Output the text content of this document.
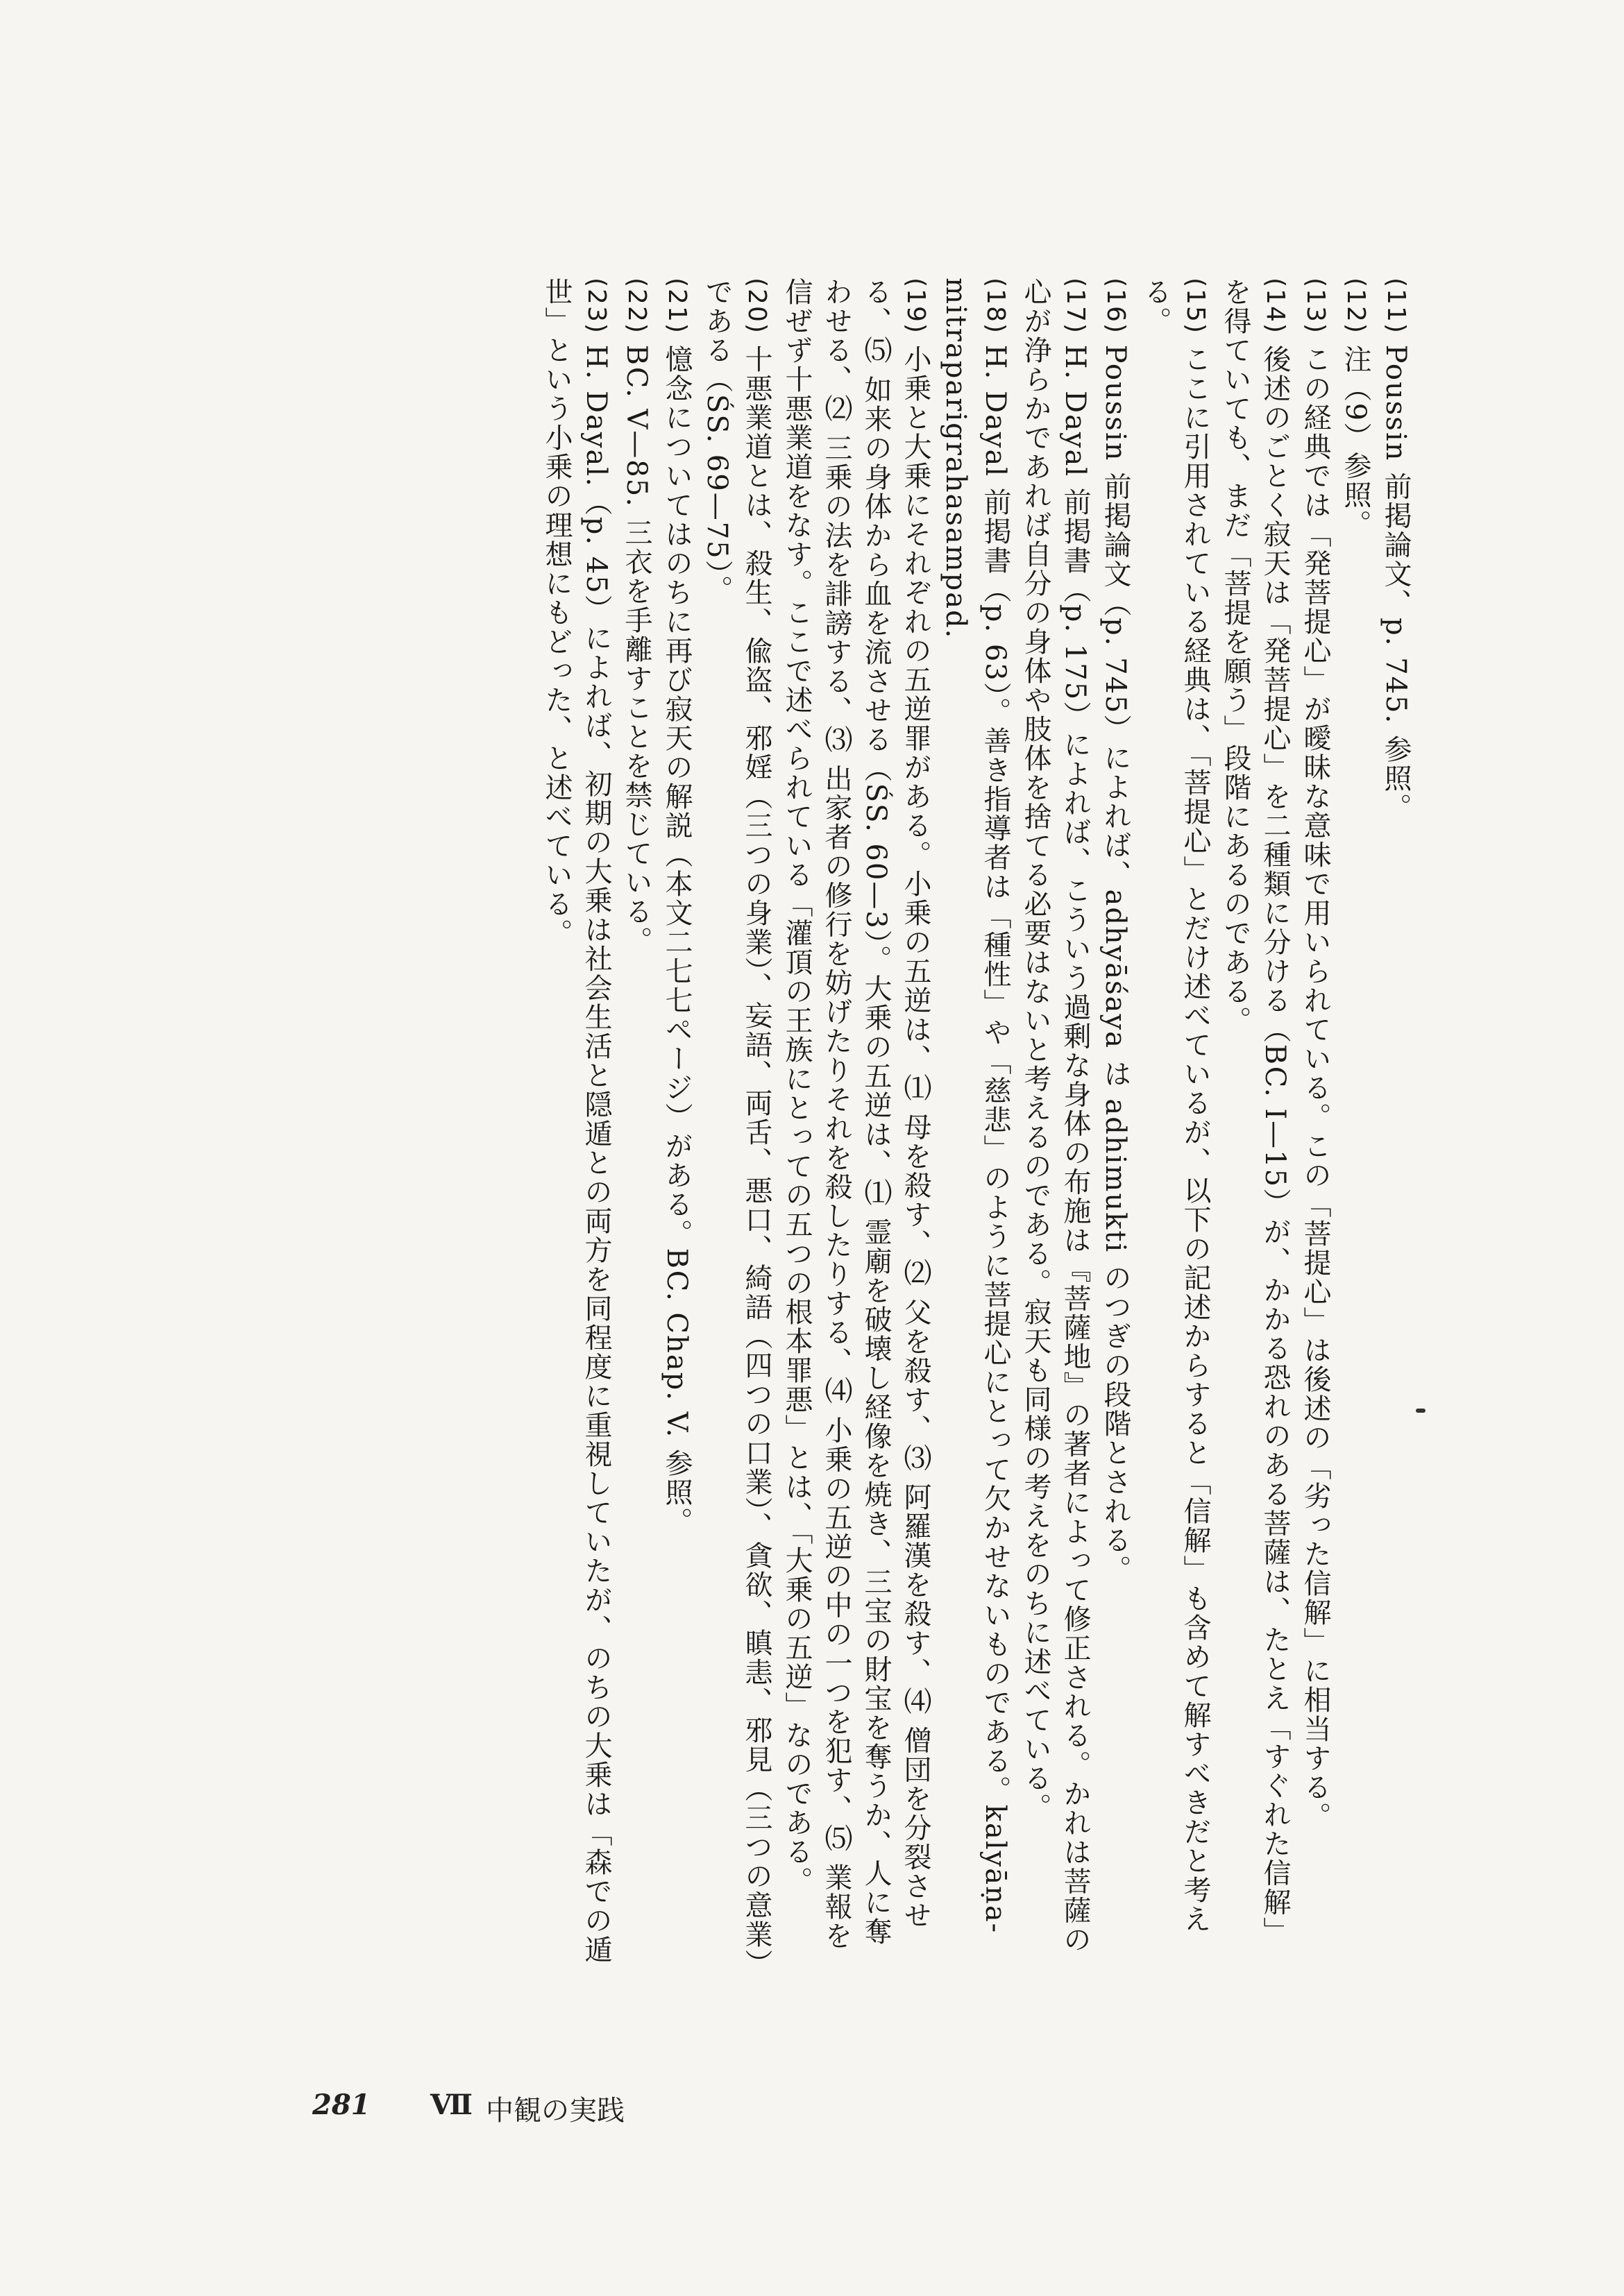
(11) Poussin 前掲論文、p. 745. 参照。

(12) 注（9）参照。

(13) この経典では「発菩提心」が曖昧な意味で用いられている。この「菩提心」は後述の「劣った信解」に相当する。

(14) 後述のごとく寂天は「発菩提心」を二種類に分ける（BC. I—15）が、かかる恐れのある菩薩は、たとえ「すぐれた信解」を得ていても、まだ「菩提を願う」段階にあるのである。

(15) ここに引用されている経典は、「菩提心」とだけ述べているが、以下の記述からすると「信解」も含めて解すべきだと考える。

(16) Poussin 前掲論文（p. 745）によれば、adhyāśaya は adhimukti のつぎの段階とされる。

(17) H. Dayal 前掲書（p. 175）によれば、こういう過剰な身体の布施は『菩薩地』の著者によって修正される。かれは菩薩の心が浄らかであれば自分の身体や肢体を捨てる必要はないと考えるのである。寂天も同様の考えをのちに述べている。

(18) H. Dayal 前掲書（p. 63）。善き指導者は「種性」や「慈悲」のように菩提心にとって欠かせないものである。kalyāṇa-mitraparigrahasampad.

(19) 小乗と大乗にそれぞれの五逆罪がある。小乗の五逆は、⑴ 母を殺す、⑵ 父を殺す、⑶ 阿羅漢を殺す、⑷ 僧団を分裂させる、⑸ 如来の身体から血を流させる（ŚS. 60—3）。大乗の五逆は、⑴ 霊廟を破壊し経像を焼き、三宝の財宝を奪うか、人に奪わせる、⑵ 三乗の法を誹謗する、⑶ 出家者の修行を妨げたりそれを殺したりする、⑷ 小乗の五逆の中の一つを犯す、⑸ 業報を信ぜず十悪業道をなす。ここで述べられている「灌頂の王族にとっての五つの根本罪悪」とは、「大乗の五逆」なのである。

(20) 十悪業道とは、殺生、偸盗、邪婬（三つの身業）、妄語、両舌、悪口、綺語（四つの口業）、貪欲、瞋恚、邪見（三つの意業）である（ŚS. 69—75）。

(21) 憶念についてはのちに再び寂天の解説（本文二七七ページ）がある。BC. Chap. V. 参照。

(22) BC. V—85. 三衣を手離すことを禁じている。

(23) H. Dayal.（p. 45）によれば、初期の大乗は社会生活と隠遁との両方を同程度に重視していたが、のちの大乗は「森での遁世」という小乗の理想にもどった、と述べている。

281 Ⅶ 中観の実践
